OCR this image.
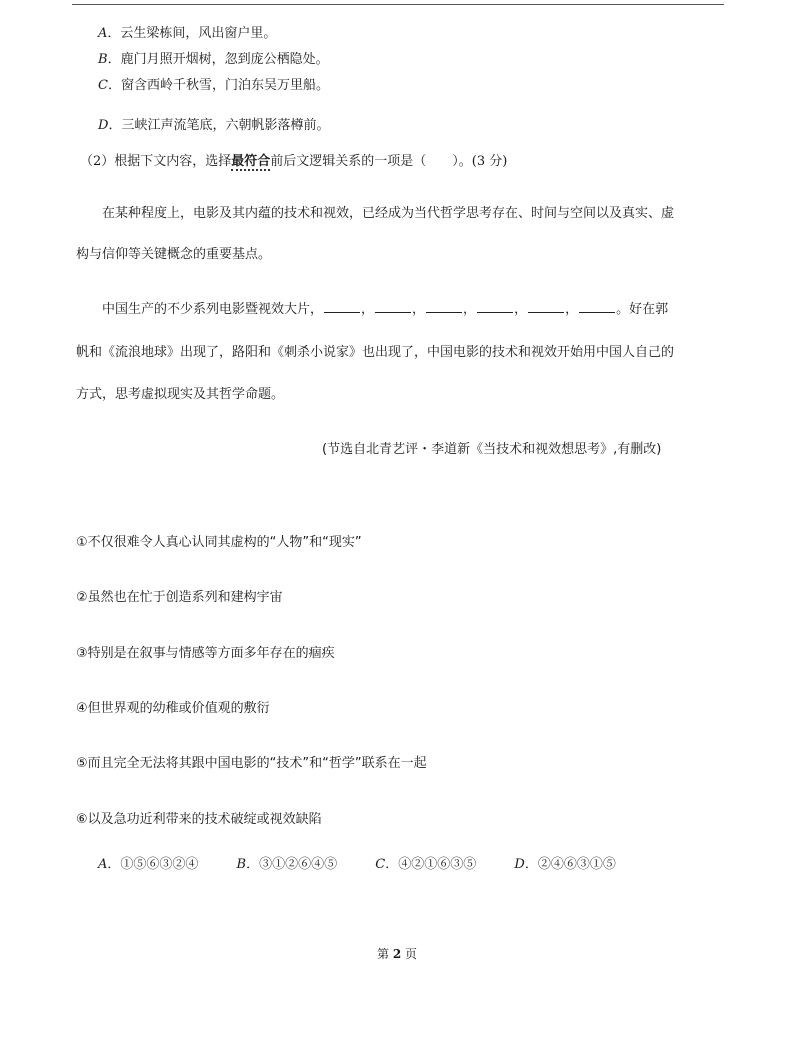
A．云生梁栋间，风出窗户里。
B．鹿门月照开烟树，忽到庞公栖隐处。
C．窗含西岭千秋雪，门泊东吴万里船。
D．三峡江声流笔底，六朝帆影落樽前。
（2）根据下文内容，选择最符合前后文逻辑关系的一项是（　　）。(3 分)
在某种程度上，电影及其内蕴的技术和视效，已经成为当代哲学思考存在、时间与空间以及真实、虚
构与信仰等关键概念的重要基点。
中国生产的不少系列电影暨视效大片，	，	，	，	，	，	。好在郭
帆和《流浪地球》出现了，路阳和《刺杀小说家》也出现了，中国电影的技术和视效开始用中国人自己的
方式，思考虚拟现实及其哲学命题。
(节选自北青艺评・李道新《当技术和视效想思考》,有删改)
①不仅很难令人真心认同其虚构的“人物”和“现实”
②虽然也在忙于创造系列和建构宇宙
③特别是在叙事与情感等方面多年存在的痼疾
④但世界观的幼稚或价值观的敷衍
⑤而且完全无法将其跟中国电影的“技术”和“哲学”联系在一起
⑥以及急功近利带来的技术破绽或视效缺陷
A．①⑤⑥③②④	B．③①②⑥④⑤	C．④②①⑥③⑤	D．②④⑥③①⑤
第 2 页
